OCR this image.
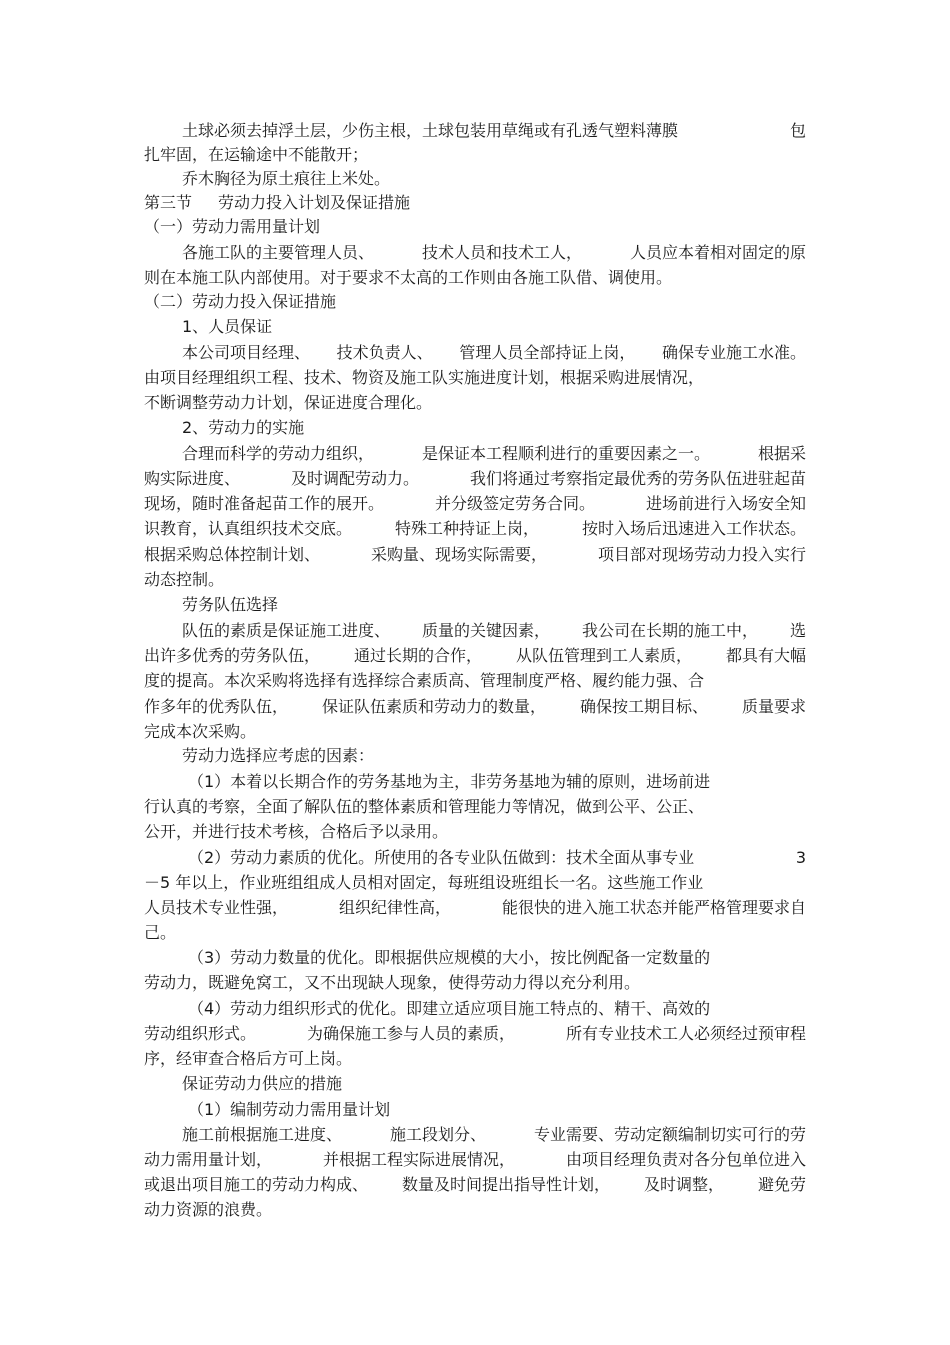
土球必须去掉浮土层，少伤主根，土球包装用草绳或有孔透气塑料薄膜	包
扎牢固，在运输途中不能散开；
乔木胸径为原土痕往上米处。
第三节 劳动力投入计划及保证措施
（一）劳动力需用量计划
各施工队的主要管理人员、	技术人员和技术工人，	人员应本着相对固定的原
则在本施工队内部使用。对于要求不太高的工作则由各施工队借、调使用。
（二）劳动力投入保证措施
1、人员保证
本公司项目经理、 技术负责人、 管理人员全部持证上岗， 确保专业施工水准。
由项目经理组织工程、技术、物资及施工队实施进度计划，根据采购进展情况，
不断调整劳动力计划，保证进度合理化。
2、劳动力的实施
合理而科学的劳动力组织，	是保证本工程顺利进行的重要因素之一。	根据采
购实际进度、	及时调配劳动力。	我们将通过考察指定最优秀的劳务队伍进驻起苗
现场，随时准备起苗工作的展开。	并分级签定劳务合同。	进场前进行入场安全知
识教育，认真组织技术交底。	特殊工种持证上岗，	按时入场后迅速进入工作状态。
根据采购总体控制计划、	采购量、现场实际需要，	项目部对现场劳动力投入实行
动态控制。
劳务队伍选择
队伍的素质是保证施工进度、 质量的关键因素， 我公司在长期的施工中， 选
出许多优秀的劳务队伍， 通过长期的合作， 从队伍管理到工人素质， 都具有大幅
度的提高。本次采购将选择有选择综合素质高、管理制度严格、履约能力强、合
作多年的优秀队伍， 保证队伍素质和劳动力的数量， 确保按工期目标、 质量要求
完成本次采购。
劳动力选择应考虑的因素：
（1）本着以长期合作的劳务基地为主，非劳务基地为辅的原则，进场前进
行认真的考察，全面了解队伍的整体素质和管理能力等情况，做到公平、公正、
公开，并进行技术考核，合格后予以录用。
（2）劳动力素质的优化。所使用的各专业队伍做到：技术全面从事专业	3
－5 年以上，作业班组组成人员相对固定，每班组设班组长一名。这些施工作业
人员技术专业性强，	组织纪律性高，	能很快的进入施工状态并能严格管理要求自
己。
（3）劳动力数量的优化。即根据供应规模的大小，按比例配备一定数量的
劳动力，既避免窝工，又不出现缺人现象，使得劳动力得以充分利用。
（4）劳动力组织形式的优化。即建立适应项目施工特点的、精干、高效的
劳动组织形式。	为确保施工参与人员的素质，	所有专业技术工人必须经过预审程
序，经审查合格后方可上岗。
保证劳动力供应的措施
（1）编制劳动力需用量计划
施工前根据施工进度、	施工段划分、	专业需要、劳动定额编制切实可行的劳
动力需用量计划，	并根据工程实际进展情况，	由项目经理负责对各分包单位进入
或退出项目施工的劳动力构成、 数量及时间提出指导性计划， 及时调整， 避免劳
动力资源的浪费。
